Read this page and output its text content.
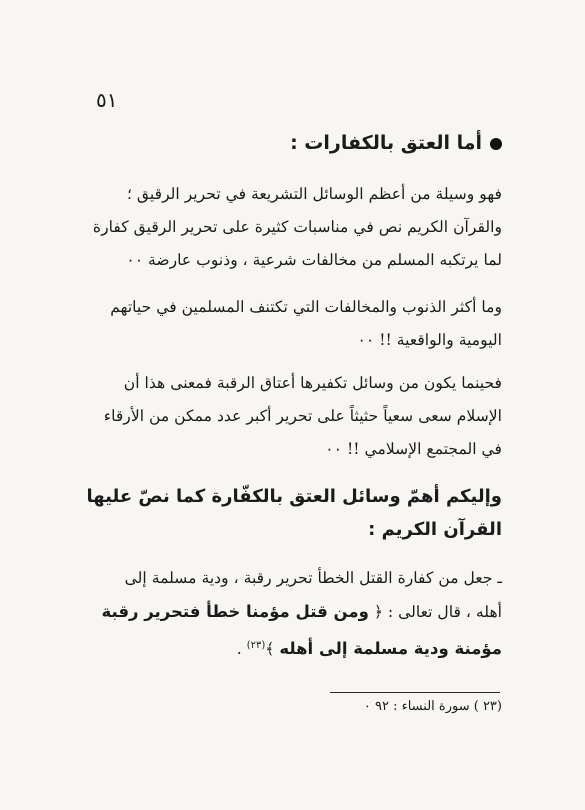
٥١
أما العتق بالكفارات :
فهو وسيلة من أعظم الوسائل التشريعة في تحرير الرقيق ؛
والقرآن الكريم نص في مناسبات كثيرة على تحرير الرقيق كفارة
لما يرتكبه المسلم من مخالفات شرعية ، وذنوب عارضة ٠٠
وما أكثر الذنوب والمخالفات التي تكتنف المسلمين في حياتهم
اليومية والواقعية !! ٠٠
فحينما يكون من وسائل تكفيرها أعتاق الرقبة فمعنى هذا أن
الإسلام سعى سعياً حثيثاً على تحرير أكبر عدد ممكن من الأرقاء
في المجتمع الإسلامي !! ٠٠
وإليكم أهمّ وسائل العتق بالكفّارة كما نصّ عليها
القرآن الكريم :
ـ جعل من كفارة القتل الخطأ تحرير رقبة ، ودية مسلمة إلى
أهله ، قال تعالى : ﴿ ومن قتل مؤمنا خطأ فتحرير رقبة
مؤمنة ودية مسلمة إلى أهله ﴾$^{(٢٣)}$ .
(٢٣ ) سورة النساء : ٩٢ ٠
